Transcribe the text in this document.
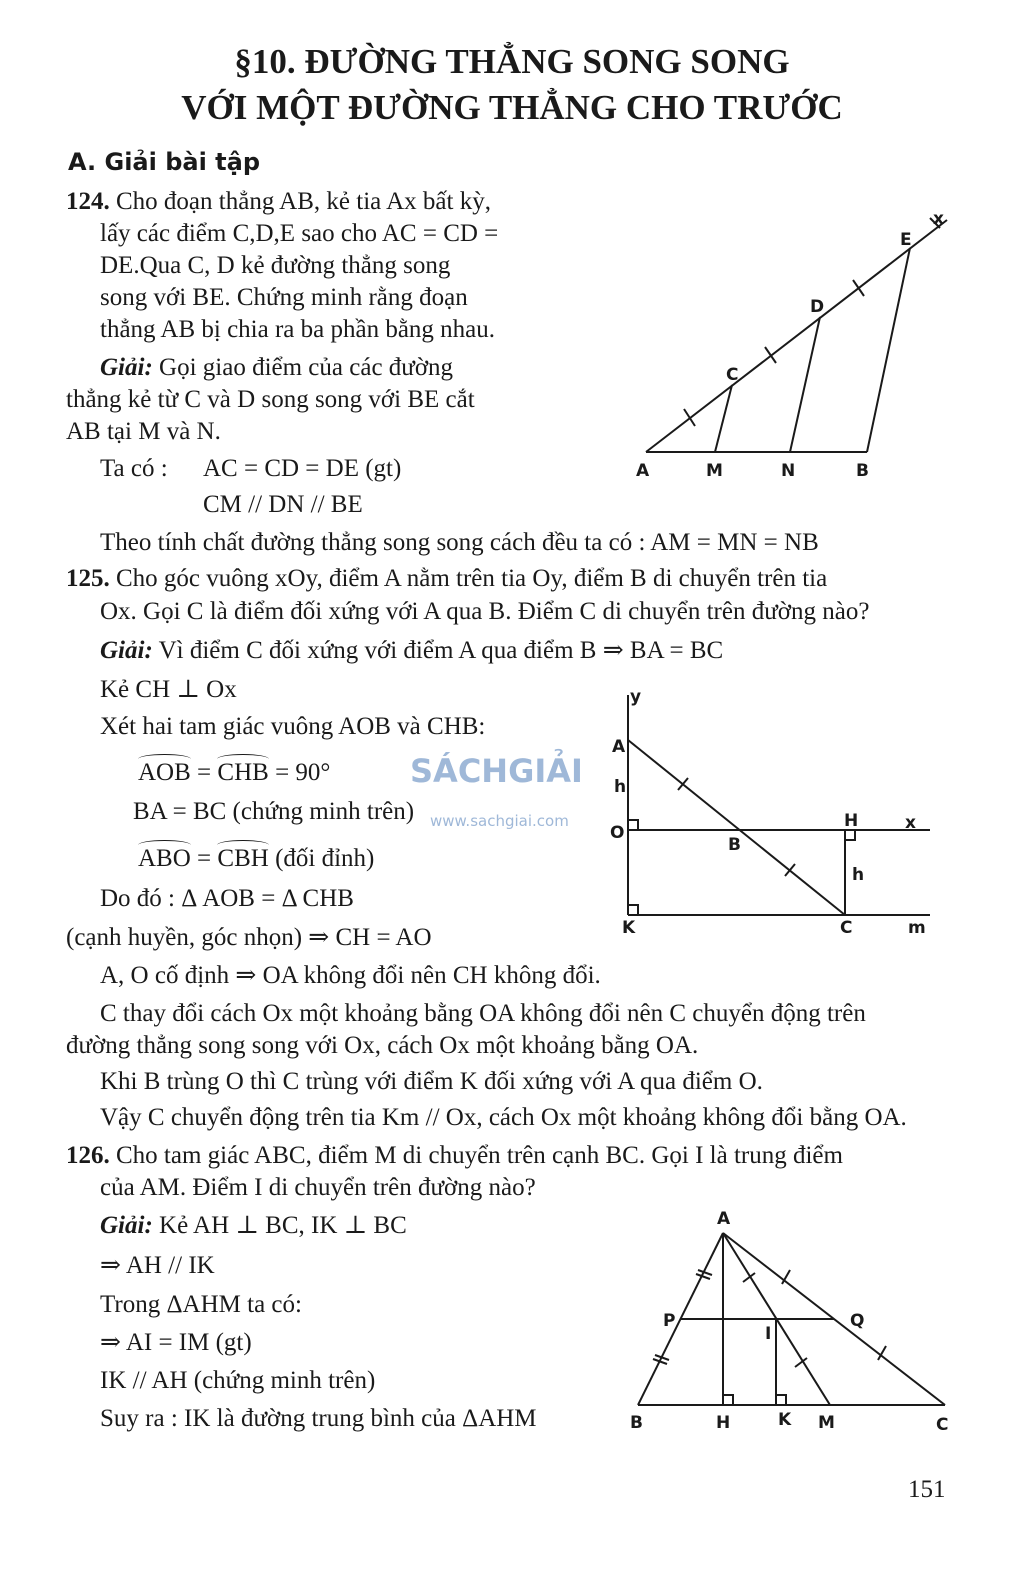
§10. ĐƯỜNG THẲNG SONG SONG
VỚI MỘT ĐƯỜNG THẲNG CHO TRƯỚC
A. Giải bài tập
124. Cho đoạn thẳng AB, kẻ tia Ax bất kỳ,
lấy các điểm C,D,E sao cho AC = CD =
DE.Qua C, D kẻ đường thẳng song
song với BE. Chứng minh rằng đoạn
thẳng AB bị chia ra ba phần bằng nhau.
Giải: Gọi giao điểm của các đường
thẳng kẻ từ C và D song song với BE cắt
AB tại M và N.
Ta có : AC = CD = DE (gt)
CM // DN // BE
Theo tính chất đường thẳng song song cách đều ta có : AM = MN = NB
A	M	N	B
C
D
E
x
125. Cho góc vuông xOy, điểm A nằm trên tia Oy, điểm B di chuyển trên tia
Ox. Gọi C là điểm đối xứng với A qua B. Điểm C di chuyển trên đường nào?
Giải: Vì điểm C đối xứng với điểm A qua điểm B ⇒ BA = BC
Kẻ CH ⊥ Ox
Xét hai tam giác vuông AOB và CHB:
AOB = CHB = 90°
BA = BC (chứng minh trên)
ABO = CBH (đối đỉnh)
Do đó : Δ AOB = Δ CHB
(cạnh huyền, góc nhọn) ⇒ CH = AO
A, O cố định ⇒ OA không đổi nên CH không đổi.
C thay đổi cách Ox một khoảng bằng OA không đổi nên C chuyển động trên
đường thẳng song song với Ox, cách Ox một khoảng bằng OA.
Khi B trùng O thì C trùng với điểm K đối xứng với A qua điểm O.
Vậy C chuyển động trên tia Km // Ox, cách Ox một khoảng không đổi bằng OA.
y
A
h
O
B
H	x
h
K	C	m
SÁCHGIẢI
www.sachgiai.com
126. Cho tam giác ABC, điểm M di chuyển trên cạnh BC. Gọi I là trung điểm
của AM. Điểm I di chuyển trên đường nào?
Giải: Kẻ AH ⊥ BC, IK ⊥ BC
⇒ AH // IK
Trong ΔAHM ta có:
⇒ AI = IM (gt)
IK // AH (chứng minh trên)
Suy ra : IK là đường trung bình của ΔAHM
A
P	Q
I
B	H	K M	C
151
